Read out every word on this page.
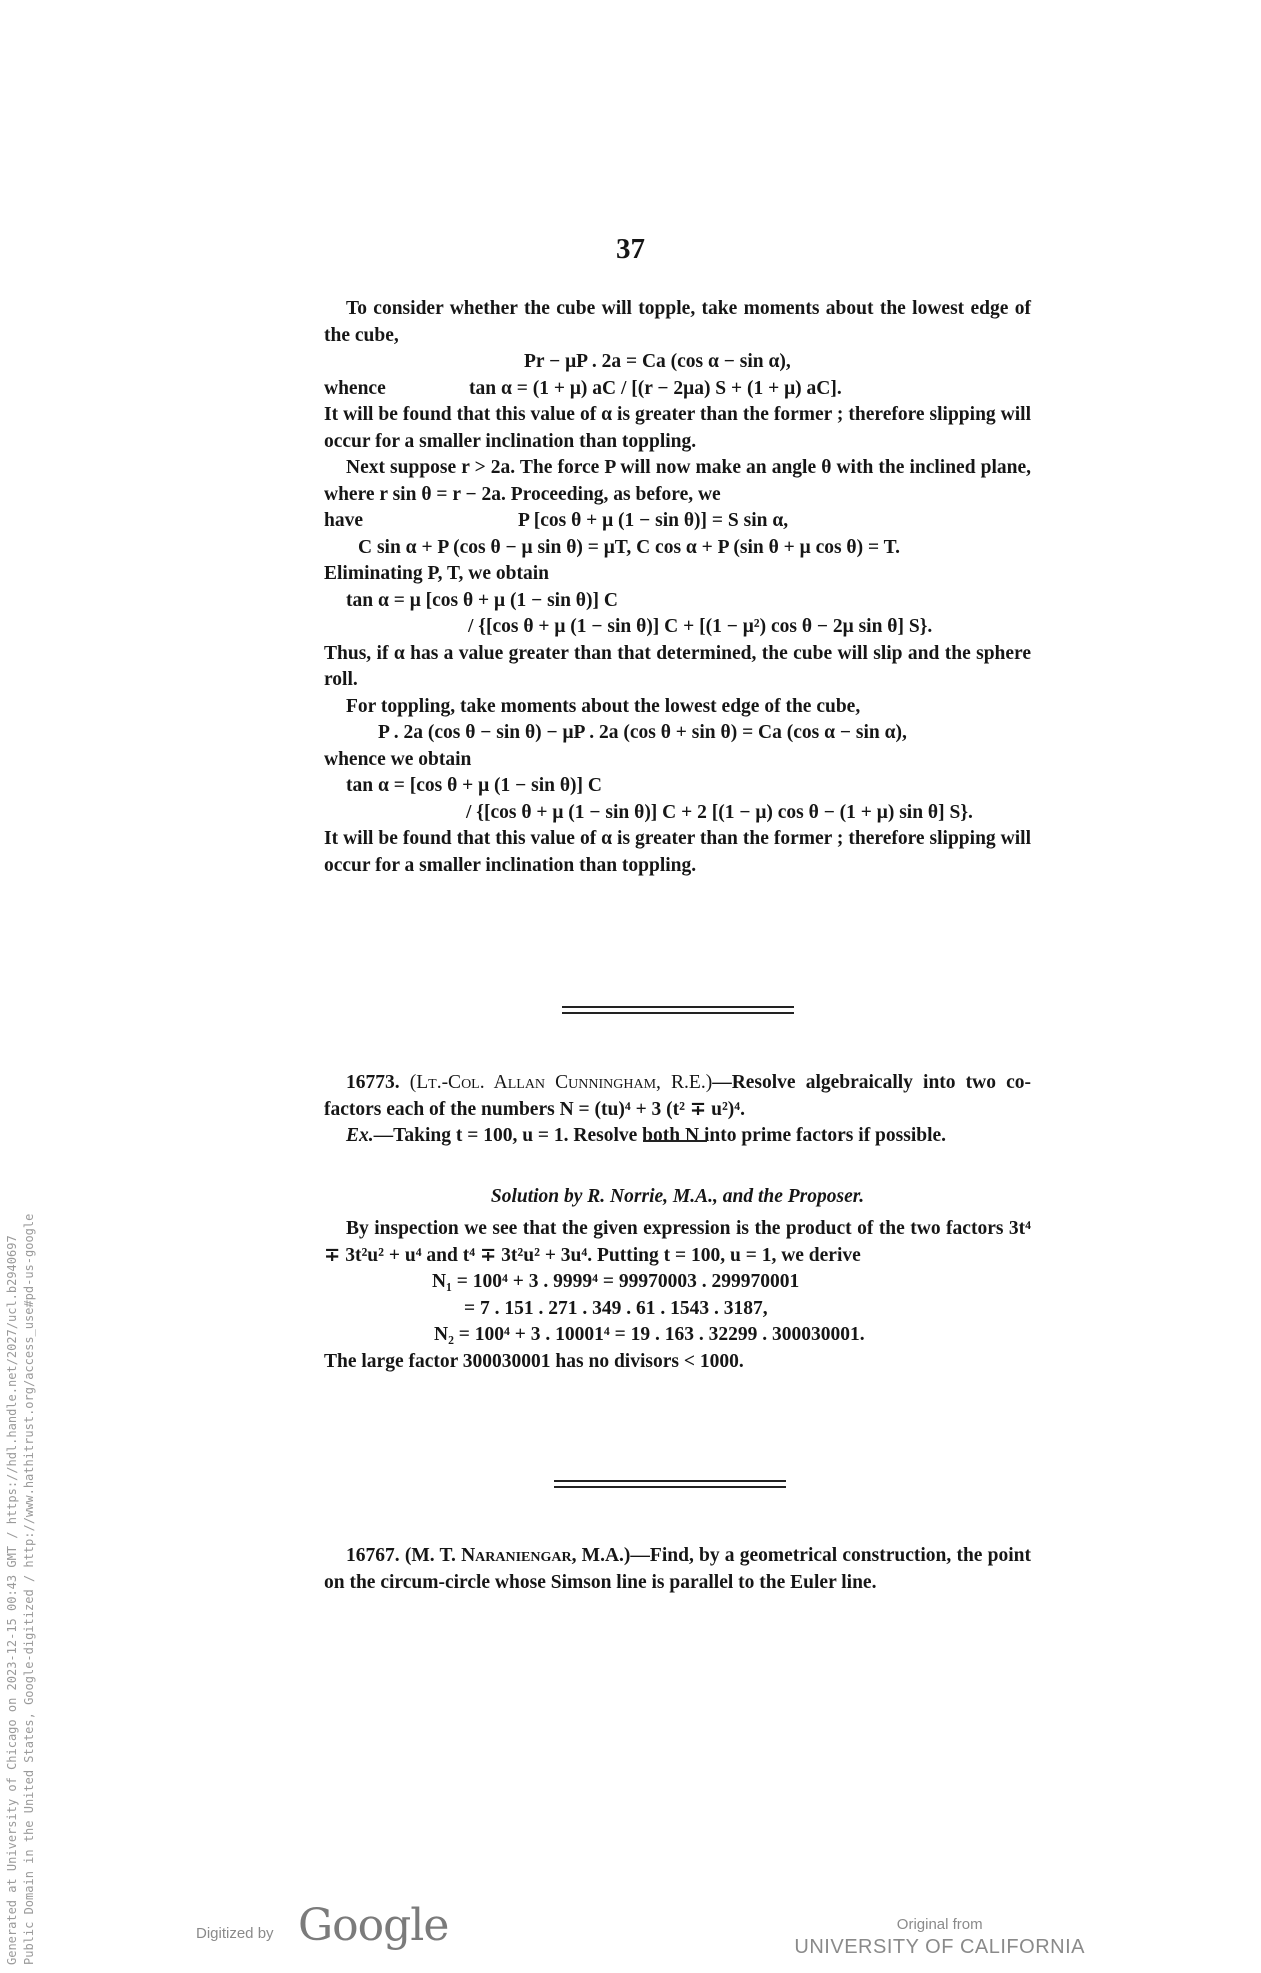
Generated at University of Chicago on 2023-12-15 00:43 GMT / https://hdl.handle.net/2027/ucl.b2940697 Public Domain in the United States, Google-digitized / http://www.hathitrust.org/access_use#pd-us-google
37

To consider whether the cube will topple, take moments about the lowest edge of the cube,

Pr − μP . 2a = Ca (cos α − sin α),
whence	tan α = (1 + μ) aC / [(r − 2μa) S + (1 + μ) aC].

It will be found that this value of α is greater than the former ; therefore slipping will occur for a smaller inclination than toppling.

Next suppose r > 2a. The force P will now make an angle θ with the inclined plane, where r sin θ = r − 2a. Proceeding, as before, we

have	P [cos θ + μ (1 − sin θ)] = S sin α,
C sin α + P (cos θ − μ sin θ) = μT, C cos α + P (sin θ + μ cos θ) = T.

Eliminating P, T, we obtain

tan α = μ [cos θ + μ (1 − sin θ)] C
/ {[cos θ + μ (1 − sin θ)] C + [(1 − μ²) cos θ − 2μ sin θ] S}.

Thus, if α has a value greater than that determined, the cube will slip and the sphere roll.

For toppling, take moments about the lowest edge of the cube,

P . 2a (cos θ − sin θ) − μP . 2a (cos θ + sin θ) = Ca (cos α − sin α),

whence we obtain

tan α = [cos θ + μ (1 − sin θ)] C
/ {[cos θ + μ (1 − sin θ)] C + 2 [(1 − μ) cos θ − (1 + μ) sin θ] S}.

It will be found that this value of α is greater than the former ; therefore slipping will occur for a smaller inclination than toppling.

16773. (Lt.-Col. Allan Cunningham, R.E.)—Resolve algebraically into two co-factors each of the numbers N = (tu)⁴ + 3 (t² ∓ u²)⁴.

Ex.—Taking t = 100, u = 1. Resolve both N into prime factors if possible.

Solution by R. Norrie, M.A., and the Proposer.

By inspection we see that the given expression is the product of the two factors 3t⁴ ∓ 3t²u² + u⁴ and t⁴ ∓ 3t²u² + 3u⁴. Putting t = 100, u = 1, we derive

N₁ = 100⁴ + 3 . 9999⁴ = 99970003 . 299970001
= 7 . 151 . 271 . 349 . 61 . 1543 . 3187,
N₂ = 100⁴ + 3 . 10001⁴ = 19 . 163 . 32299 . 300030001.

The large factor 300030001 has no divisors < 1000.

16767. (M. T. Naraniengar, M.A.)—Find, by a geometrical construction, the point on the circum-circle whose Simson line is parallel to the Euler line.

Digitized by Google	Original from
UNIVERSITY OF CALIFORNIA
